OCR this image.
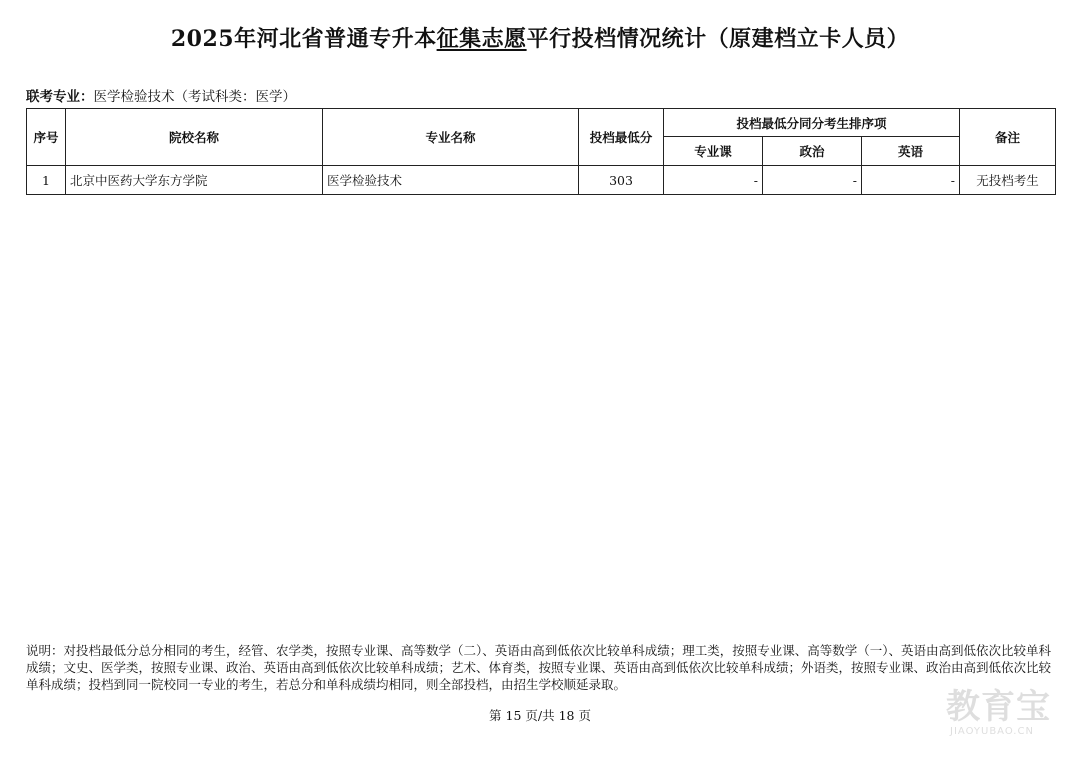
2025年河北省普通专升本征集志愿平行投档情况统计（原建档立卡人员）
联考专业：医学检验技术（考试科类：医学）
序号	院校名称	专业名称	投档最低分	投档最低分同分考生排序项			备注
				专业课	政治	英语	
1	北京中医药大学东方学院	医学检验技术	303	-	-	-	无投档考生
说明：对投档最低分总分相同的考生，经管、农学类，按照专业课、高等数学（二）、英语由高到低依次比较单科成绩；理工类，按照专业课、高等数学（一）、英语由高到低依次比较单科成绩；文史、医学类，按照专业课、政治、英语由高到低依次比较单科成绩；艺术、体育类，按照专业课、英语由高到低依次比较单科成绩；外语类，按照专业课、政治由高到低依次比较单科成绩；投档到同一院校同一专业的考生，若总分和单科成绩均相同，则全部投档，由招生学校顺延录取。
第 15 页/共 18 页	教育宝
JIAOYUBAO.CN
